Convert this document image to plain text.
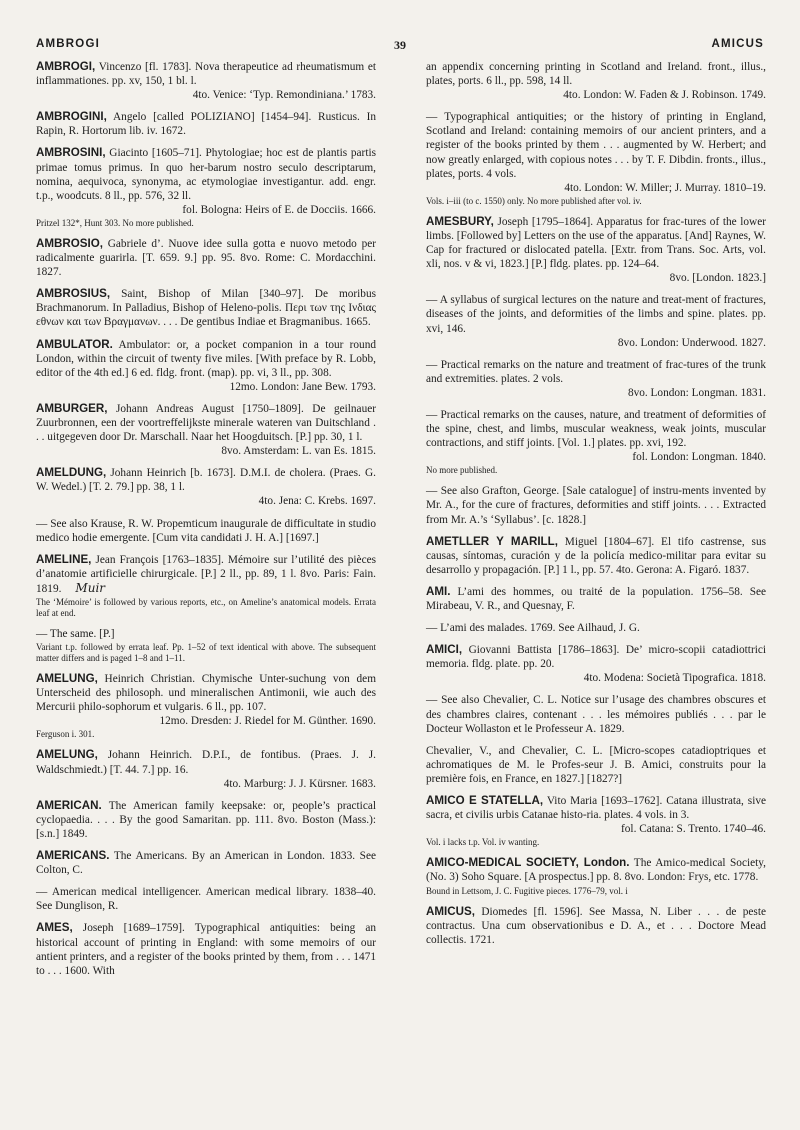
AMBROGI	39	AMICUS

AMBROGI, Vincenzo [fl. 1783]. Nova therapeutice ad rheumatismum et inflammationes. pp. xv, 150, 1 bl. l.

4to. Venice: ‘Typ. Remondiniana.’ 1783.

AMBROGINI, Angelo [called POLIZIANO] [1454–94]. Rusticus. In Rapin, R. Hortorum lib. iv. 1672.

AMBROSINI, Giacinto [1605–71]. Phytologiae; hoc est de plantis partis primae tomus primus. In quo her-barum nostro seculo descriptarum, nomina, aequivoca, synonyma, ac etymologiae investigantur. add. engr. t.p., woodcuts. 8 ll., pp. 576, 32 ll.

fol. Bologna: Heirs of E. de Docciis. 1666.
Pritzel 132*, Hunt 303. No more published.

AMBROSIO, Gabriele d’. Nuove idee sulla gotta e nuovo metodo per radicalmente guarirla. [T. 659. 9.] pp. 95. 8vo. Rome: C. Mordacchini. 1827.

AMBROSIUS, Saint, Bishop of Milan [340–97]. De moribus Brachmanorum. In Palladius, Bishop of Heleno-polis. Περι των της Ινδιας εθνων και των Βραγμανων. . . . De gentibus Indiae et Bragmanibus. 1665.

AMBULATOR. Ambulator: or, a pocket companion in a tour round London, within the circuit of twenty five miles. [With preface by R. Lobb, editor of the 4th ed.] 6 ed. fldg. front. (map). pp. vi, 3 ll., pp. 308.

12mo. London: Jane Bew. 1793.

AMBURGER, Johann Andreas August [1750–1809]. De geilnauer Zuurbronnen, een der voortreffelijkste minerale wateren van Duitschland . . . uitgegeven door Dr. Marschall. Naar het Hoogduitsch. [P.] pp. 30, 1 l.

8vo. Amsterdam: L. van Es. 1815.

AMELDUNG, Johann Heinrich [b. 1673]. D.M.I. de cholera. (Praes. G. W. Wedel.) [T. 2. 79.] pp. 38, 1 l.

4to. Jena: C. Krebs. 1697.

— See also Krause, R. W. Propemticum inaugurale de difficultate in studio medico hodie emergente. [Cum vita candidati J. H. A.] [1697.]

AMELINE, Jean François [1763–1835]. Mémoire sur l’utilité des pièces d’anatomie artificielle chirurgicale. [P.] 2 ll., pp. 89, 1 l. 8vo. Paris: Fain. 1819. Muir

The ‘Mémoire’ is followed by various reports, etc., on Ameline’s anatomical models. Errata leaf at end.

— The same. [P.]

Variant t.p. followed by errata leaf. Pp. 1–52 of text identical with above. The subsequent matter differs and is paged 1–8 and 1–11.

AMELUNG, Heinrich Christian. Chymische Unter-suchung von dem Unterscheid des philosoph. und mineralischen Antimonii, wie auch des Mercurii philo-sophorum et vulgaris. 6 ll., pp. 107.

12mo. Dresden: J. Riedel for M. Günther. 1690.
Ferguson i. 301.

AMELUNG, Johann Heinrich. D.P.I., de fontibus. (Praes. J. J. Waldschmiedt.) [T. 44. 7.] pp. 16.

4to. Marburg: J. J. Kürsner. 1683.

AMERICAN. The American family keepsake: or, people’s practical cyclopaedia. . . . By the good Samaritan. pp. 111. 8vo. Boston (Mass.): [s.n.] 1849.

AMERICANS. The Americans. By an American in London. 1833. See Colton, C.

— American medical intelligencer. American medical library. 1838–40. See Dunglison, R.

AMES, Joseph [1689–1759]. Typographical antiquities: being an historical account of printing in England: with some memoirs of our antient printers, and a register of the books printed by them, from . . . 1471 to . . . 1600. With

an appendix concerning printing in Scotland and Ireland. front., illus., plates, ports. 6 ll., pp. 598, 14 ll.

4to. London: W. Faden & J. Robinson. 1749.

— Typographical antiquities; or the history of printing in England, Scotland and Ireland: containing memoirs of our ancient printers, and a register of the books printed by them . . . augmented by W. Herbert; and now greatly enlarged, with copious notes . . . by T. F. Dibdin. fronts., illus., plates, ports. 4 vols.

4to. London: W. Miller; J. Murray. 1810–19.
Vols. i–iii (to c. 1550) only. No more published after vol. iv.

AMESBURY, Joseph [1795–1864]. Apparatus for frac-tures of the lower limbs. [Followed by] Letters on the use of the apparatus. [And] Raynes, W. Cap for fractured or dislocated patella. [Extr. from Trans. Soc. Arts, vol. xli, nos. v & vi, 1823.] [P.] fldg. plates. pp. 124–64.

8vo. [London. 1823.]

— A syllabus of surgical lectures on the nature and treat-ment of fractures, diseases of the joints, and deformities of the limbs and spine. plates. pp. xvi, 146.

8vo. London: Underwood. 1827.

— Practical remarks on the nature and treatment of frac-tures of the trunk and extremities. plates. 2 vols.

8vo. London: Longman. 1831.

— Practical remarks on the causes, nature, and treatment of deformities of the spine, chest, and limbs, muscular weakness, weak joints, muscular contractions, and stiff joints. [Vol. 1.] plates. pp. xvi, 192.

fol. London: Longman. 1840.
No more published.

— See also Grafton, George. [Sale catalogue] of instru-ments invented by Mr. A., for the cure of fractures, deformities and stiff joints. . . . Extracted from Mr. A.’s ‘Syllabus’. [c. 1828.]

AMETLLER Y MARILL, Miguel [1804–67]. El tifo castrense, sus causas, síntomas, curación y de la policía medico-militar para evitar su desarrollo y propagación. [P.] 1 l., pp. 57. 4to. Gerona: A. Figaró. 1837.

AMI. L’ami des hommes, ou traité de la population. 1756–58. See Mirabeau, V. R., and Quesnay, F.

— L’ami des malades. 1769. See Ailhaud, J. G.

AMICI, Giovanni Battista [1786–1863]. De’ micro-scopii catadiottrici memoria. fldg. plate. pp. 20.

4to. Modena: Società Tipografica. 1818.

— See also Chevalier, C. L. Notice sur l’usage des chambres obscures et des chambres claires, contenant . . . les mémoires publiés . . . par le Docteur Wollaston et le Professeur A. 1829.

Chevalier, V., and Chevalier, C. L. [Micro-scopes catadioptriques et achromatiques de M. le Profes-seur J. B. Amici, construits pour la première fois, en France, en 1827.] [1827?]

AMICO E STATELLA, Vito Maria [1693–1762]. Catana illustrata, sive sacra, et civilis urbis Catanae histo-ria. plates. 4 vols. in 3.

fol. Catana: S. Trento. 1740–46.
Vol. i lacks t.p. Vol. iv wanting.

AMICO-MEDICAL SOCIETY, London. The Amico-medical Society, (No. 3) Soho Square. [A prospectus.] pp. 8. 8vo. London: Frys, etc. 1778.

Bound in Lettsom, J. C. Fugitive pieces. 1776–79, vol. i

AMICUS, Diomedes [fl. 1596]. See Massa, N. Liber . . . de peste contractus. Una cum observationibus e D. A., et . . . Doctore Mead collectis. 1721.
